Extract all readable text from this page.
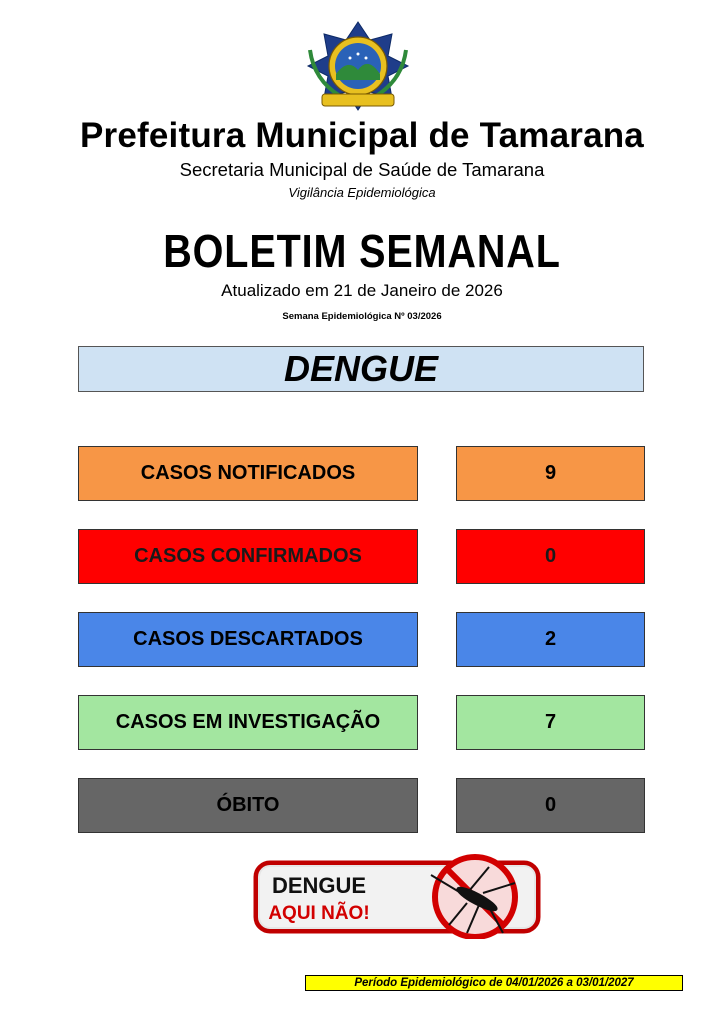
Prefeitura Municipal de Tamarana
Secretaria Municipal de Saúde de Tamarana
Vigilância Epidemiológica
BOLETIM SEMANAL
Atualizado em 21 de Janeiro de 2026
Semana Epidemiológica Nº 03/2026
DENGUE
CASOS NOTIFICADOS	9
CASOS CONFIRMADOS	0
CASOS DESCARTADOS	2
CASOS EM INVESTIGAÇÃO	7
ÓBITO	0
DENGUE
AQUI NÃO!
Período Epidemiológico de 04/01/2026 a 03/01/2027
